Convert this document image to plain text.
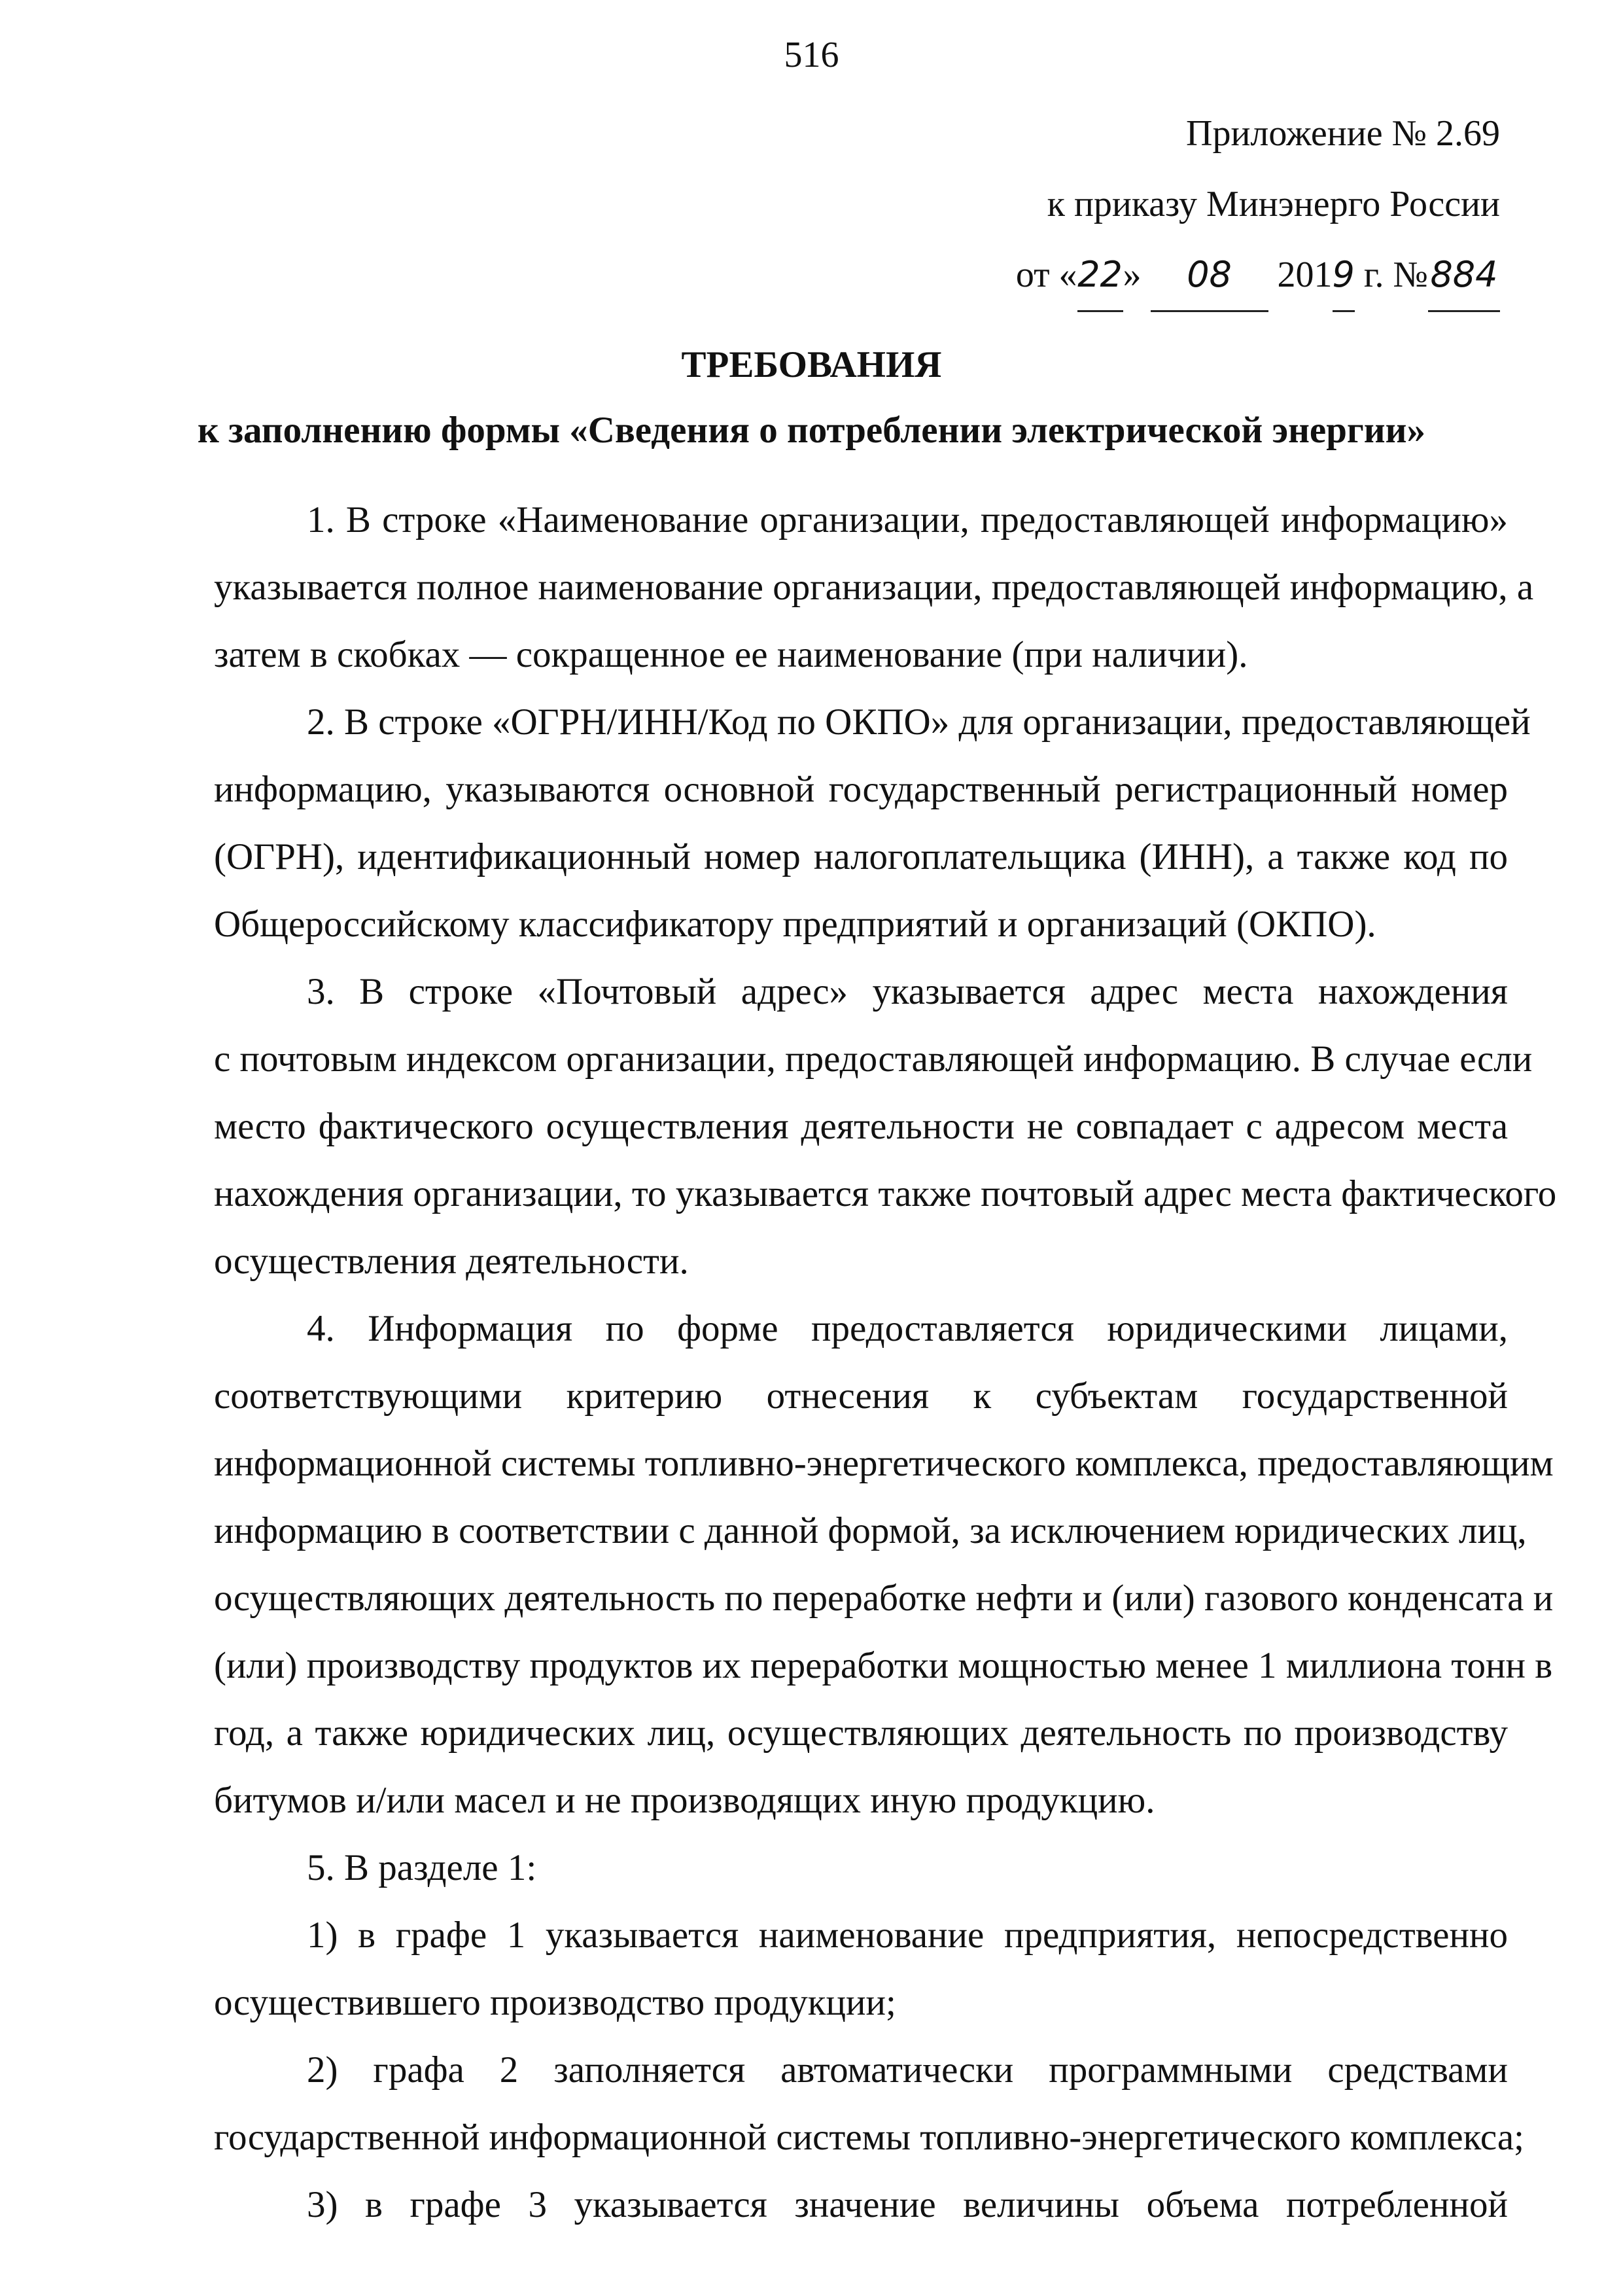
516
Приложение № 2.69
к приказу Минэнерго России
от «22» 08 2019 г. №884
ТРЕБОВАНИЯ
к заполнению формы «Сведения о потреблении электрической энергии»
1. В строке «Наименование организации, предоставляющей информацию»
указывается полное наименование организации, предоставляющей информацию, а
затем в скобках — сокращенное ее наименование (при наличии).
2. В строке «ОГРН/ИНН/Код по ОКПО» для организации, предоставляющей
информацию, указываются основной государственный регистрационный номер
(ОГРН), идентификационный номер налогоплательщика (ИНН), а также код по
Общероссийскому классификатору предприятий и организаций (ОКПО).
3. В строке «Почтовый адрес» указывается адрес места нахождения
с почтовым индексом организации, предоставляющей информацию. В случае если
место фактического осуществления деятельности не совпадает с адресом места
нахождения организации, то указывается также почтовый адрес места фактического
осуществления деятельности.
4. Информация по форме предоставляется юридическими лицами,
соответствующими критерию отнесения к субъектам государственной
информационной системы топливно-энергетического комплекса, предоставляющим
информацию в соответствии с данной формой, за исключением юридических лиц,
осуществляющих деятельность по переработке нефти и (или) газового конденсата и
(или) производству продуктов их переработки мощностью менее 1 миллиона тонн в
год, а также юридических лиц, осуществляющих деятельность по производству
битумов и/или масел и не производящих иную продукцию.
5. В разделе 1:
1) в графе 1 указывается наименование предприятия, непосредственно
осуществившего производство продукции;
2) графа 2 заполняется автоматически программными средствами
государственной информационной системы топливно-энергетического комплекса;
3) в графе 3 указывается значение величины объема потребленной
